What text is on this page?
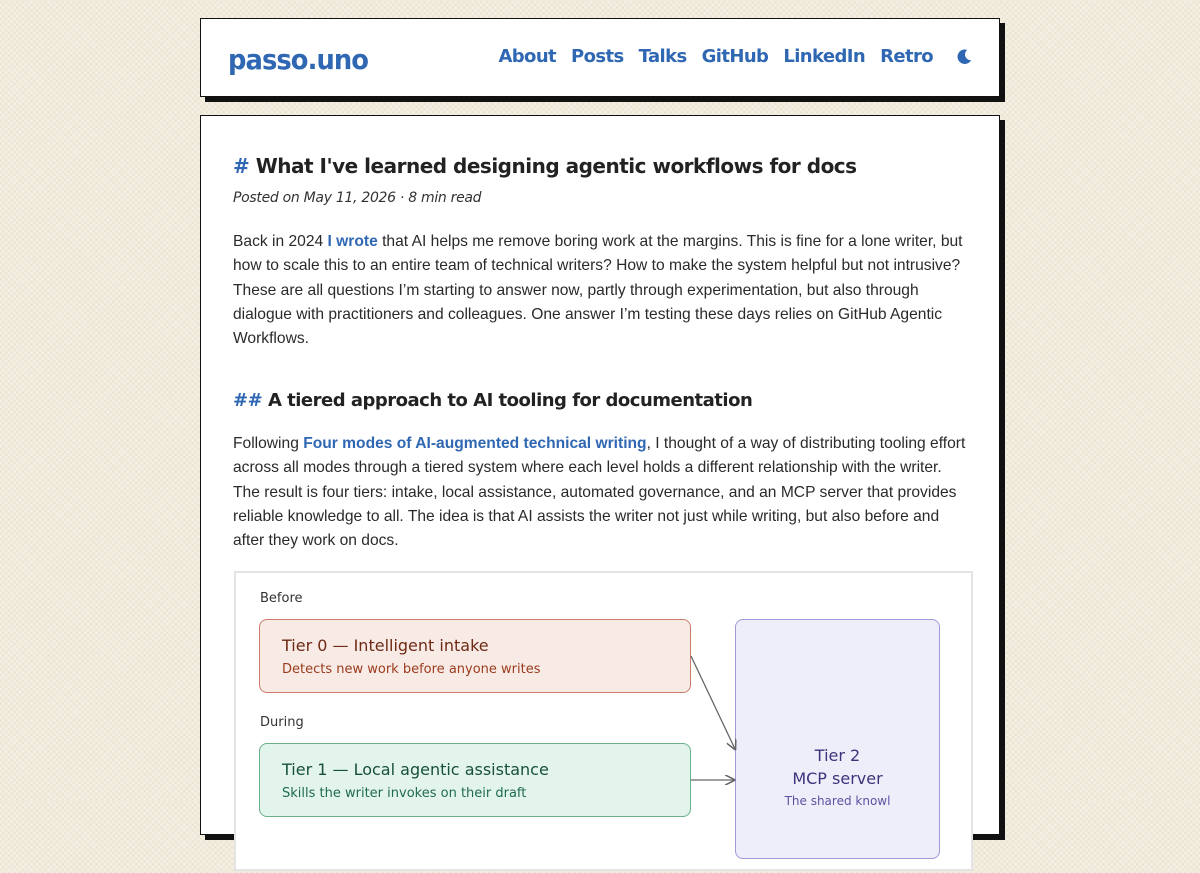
passo.uno	About Posts Talks GitHub LinkedIn Retro
# What I've learned designing agentic workflows for docs
Posted on May 11, 2026 · 8 min read

Back in 2024 I wrote that AI helps me remove boring work at the margins. This is fine for a lone writer, but how to scale this to an entire team of technical writers? How to make the system helpful but not intrusive? These are all questions I’m starting to answer now, partly through experimentation, but also through dialogue with practitioners and colleagues. One answer I’m testing these days relies on GitHub Agentic Workflows.

## A tiered approach to AI tooling for documentation

Following Four modes of AI-augmented technical writing, I thought of a way of distributing tooling effort across all modes through a tiered system where each level holds a different relationship with the writer. The result is four tiers: intake, local assistance, automated governance, and an MCP server that provides reliable knowledge to all. The idea is that AI assists the writer not just while writing, but also before and after they work on docs.

Before
During
Tier 0 — Intelligent intake
Detects new work before anyone writes
Tier 1 — Local agentic assistance
Skills the writer invokes on their draft
Tier 2
MCP server
The shared knowl
